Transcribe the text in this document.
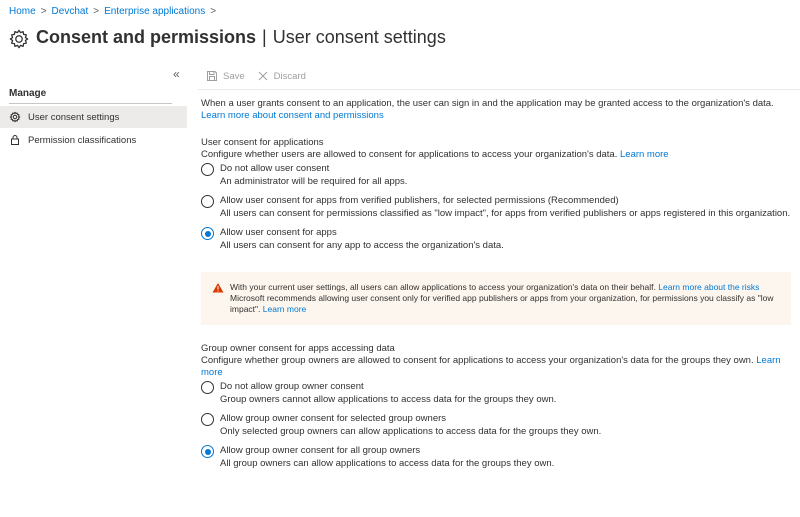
Home > Devchat > Enterprise applications >
Consent and permissions | User consent settings
«
Manage
User consent settings
Permission classifications
Save	Discard
When a user grants consent to an application, the user can sign in and the application may be granted access to the organization's data.
Learn more about consent and permissions
User consent for applications
Configure whether users are allowed to consent for applications to access your organization's data. Learn more
Do not allow user consent
An administrator will be required for all apps.
Allow user consent for apps from verified publishers, for selected permissions (Recommended)
All users can consent for permissions classified as "low impact", for apps from verified publishers or apps registered in this organization.
Allow user consent for apps
All users can consent for any app to access the organization's data.
With your current user settings, all users can allow applications to access your organization's data on their behalf. Learn more about the risks
Microsoft recommends allowing user consent only for verified app publishers or apps from your organization, for permissions you classify as "low impact". Learn more
Group owner consent for apps accessing data
Configure whether group owners are allowed to consent for applications to access your organization's data for the groups they own. Learn more
Do not allow group owner consent
Group owners cannot allow applications to access data for the groups they own.
Allow group owner consent for selected group owners
Only selected group owners can allow applications to access data for the groups they own.
Allow group owner consent for all group owners
All group owners can allow applications to access data for the groups they own.
